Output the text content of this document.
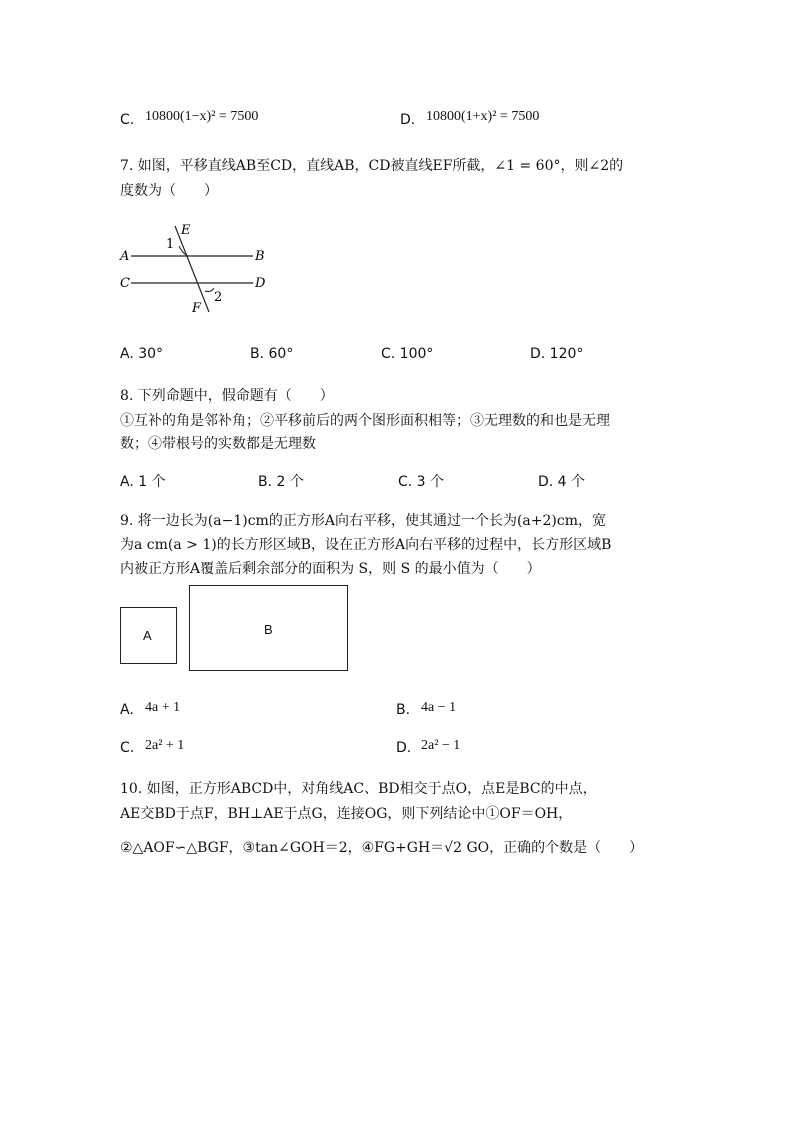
C. 10800(1−x)² = 7500	D. 10800(1+x)² = 7500
7. 如图，平移直线AB至CD，直线AB，CD被直线EF所截，∠1 = 60°，则∠2的
度数为（　　）
A	B
C	D
E
F
1
2
A. 30°	B. 60°	C. 100°	D. 120°
8. 下列命题中，假命题有（　　）
①互补的角是邻补角；②平移前后的两个图形面积相等；③无理数的和也是无理
数；④带根号的实数都是无理数
A. 1 个	B. 2 个	C. 3 个	D. 4 个
9. 将一边长为(a−1)cm的正方形A向右平移，使其通过一个长为(a+2)cm，宽
为a cm(a > 1)的长方形区域B，设在正方形A向右平移的过程中，长方形区域B
内被正方形A覆盖后剩余部分的面积为 S，则 S 的最小值为（　　）
A	B
A. 4a + 1	B. 4a − 1
C. 2a² + 1	D. 2a² − 1
10. 如图，正方形ABCD中，对角线AC、BD相交于点O，点E是BC的中点，
AE交BD于点F，BH⊥AE于点G，连接OG，则下列结论中①OF＝OH，
②△AOF∽△BGF，③tan∠GOH＝2，④FG+GH＝√2 GO，正确的个数是（　　）
